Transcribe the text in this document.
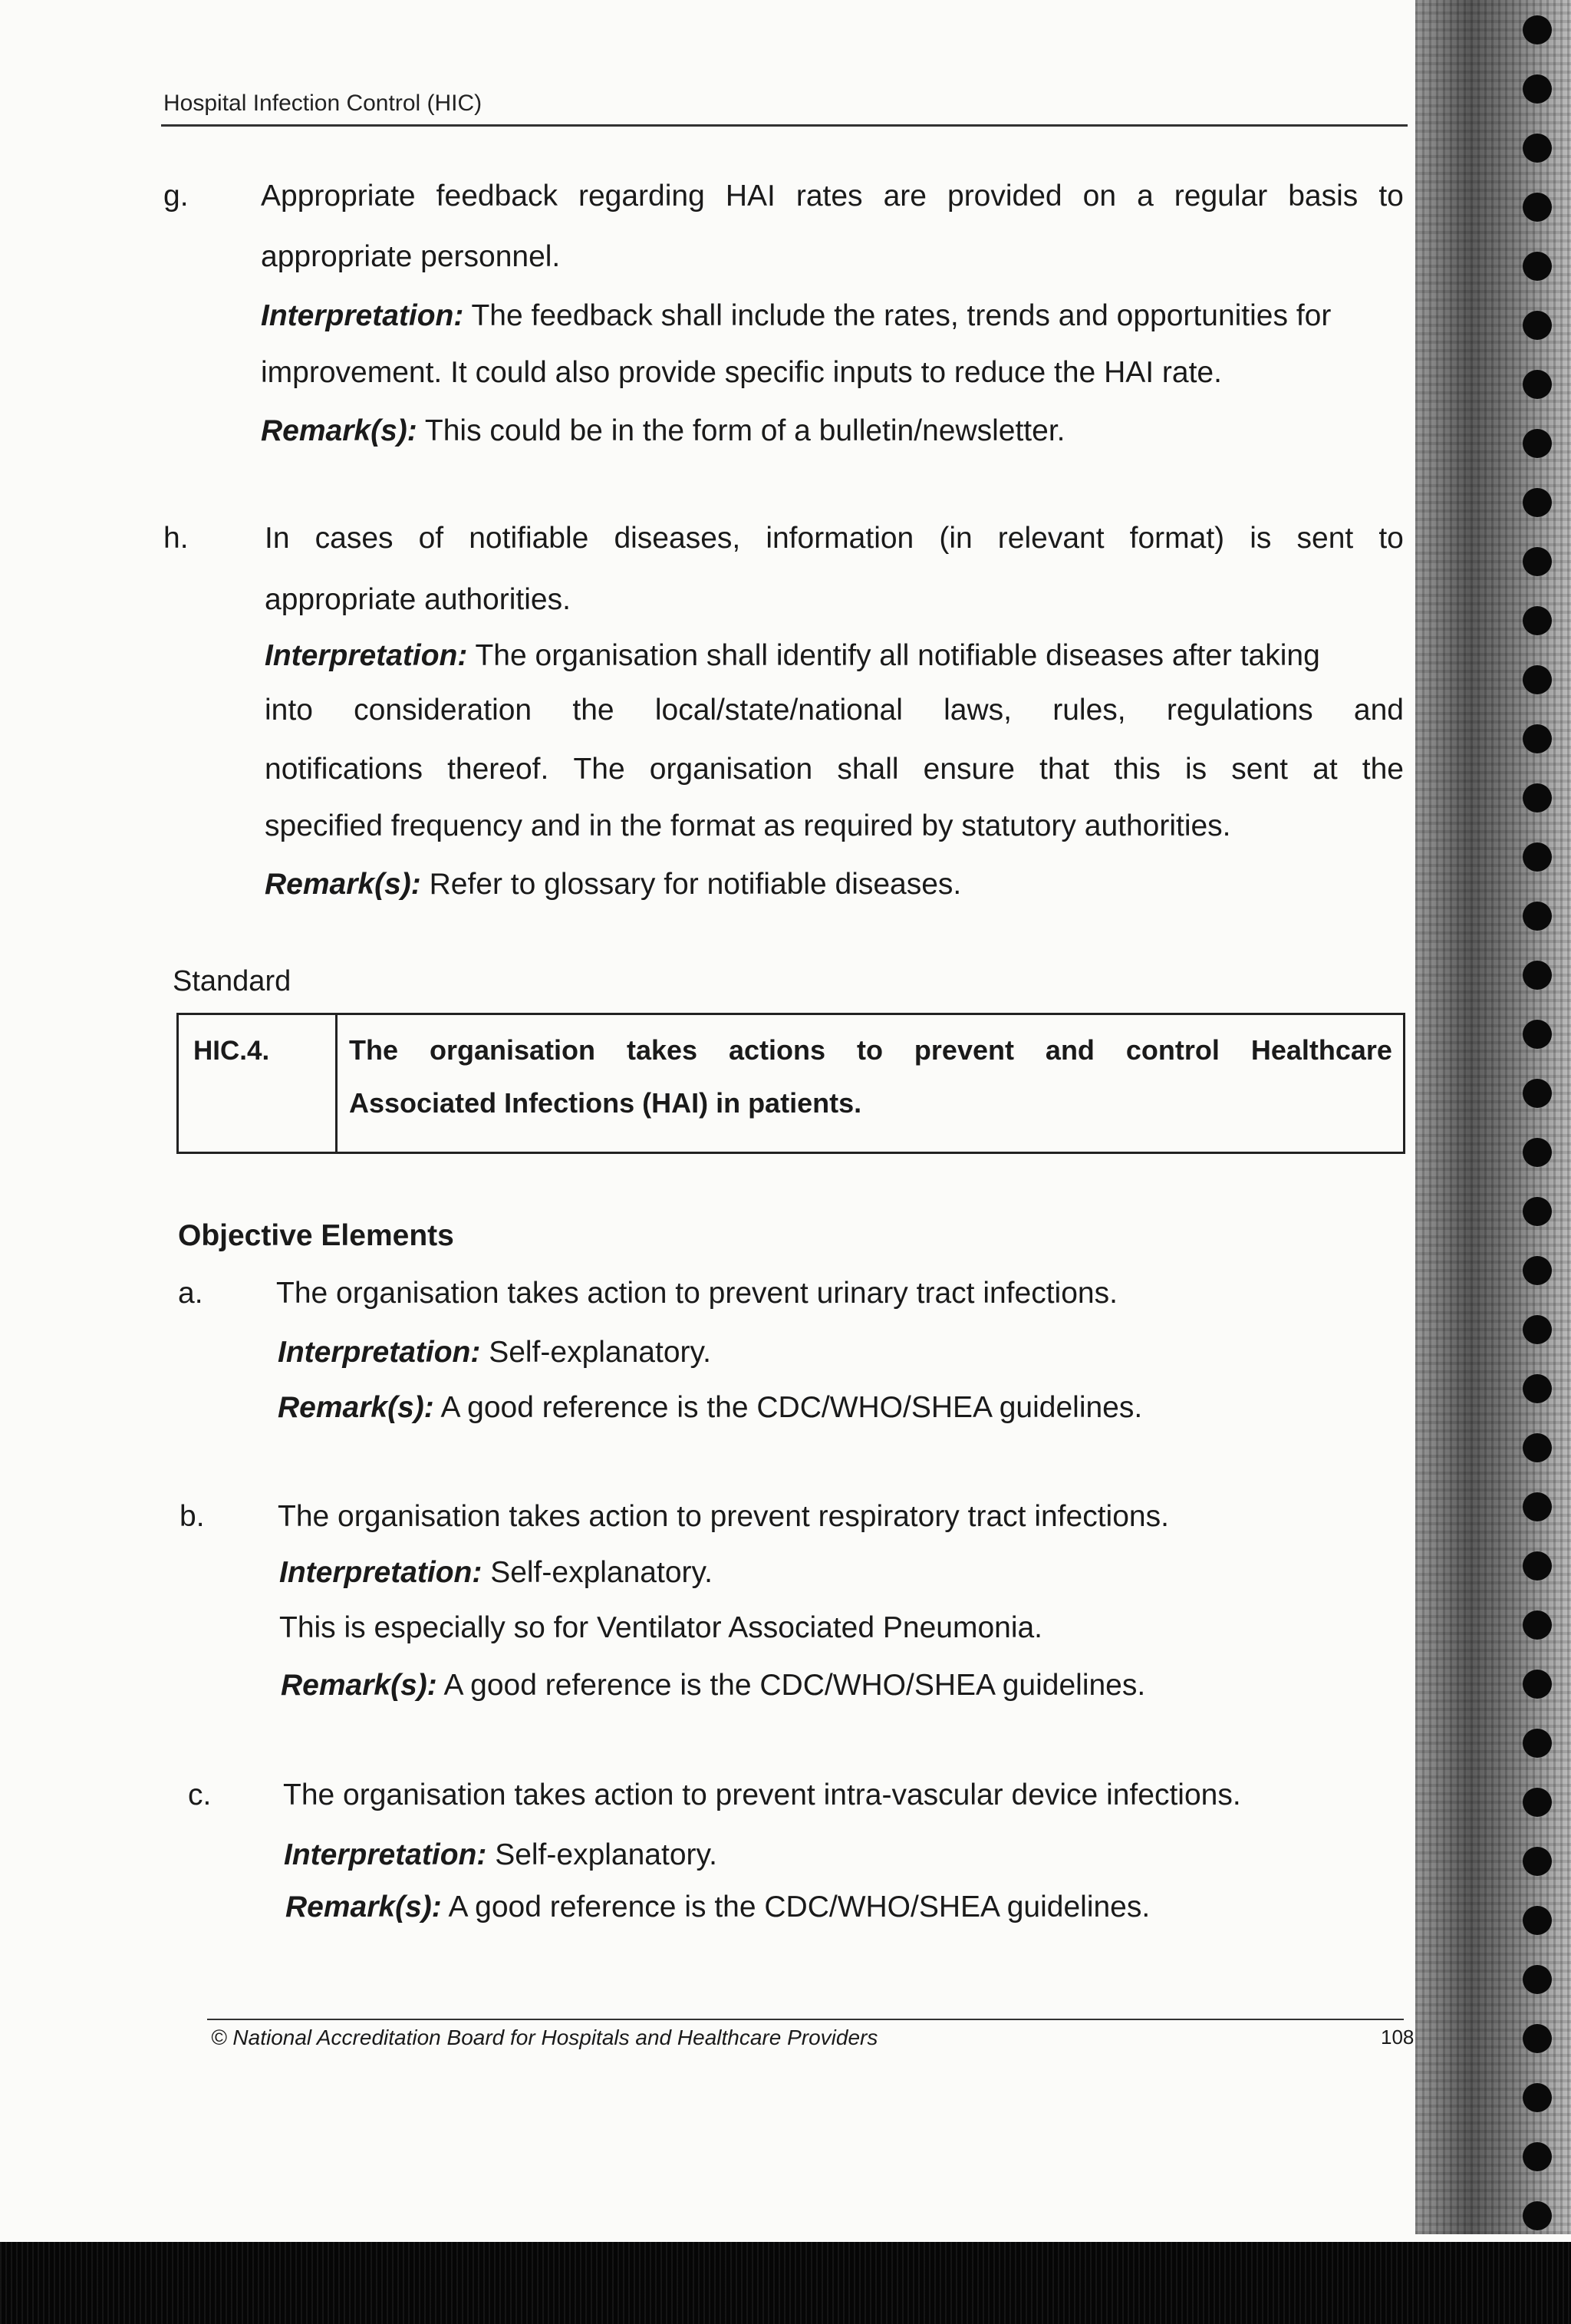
Hospital Infection Control (HIC)
g. Appropriate feedback regarding HAI rates are provided on a regular basis to
appropriate personnel.
Interpretation: The feedback shall include the rates, trends and opportunities for
improvement. It could also provide specific inputs to reduce the HAI rate.
Remark(s): This could be in the form of a bulletin/newsletter.
h.	In cases of notifiable diseases, information (in relevant format) is sent to
appropriate authorities.
Interpretation: The organisation shall identify all notifiable diseases after taking
into consideration the local/state/national laws, rules, regulations and
notifications thereof. The organisation shall ensure that this is sent at the
specified frequency and in the format as required by statutory authorities.
Remark(s): Refer to glossary for notifiable diseases.
Standard
HIC.4.	The organisation takes actions to prevent and control Healthcare
Associated Infections (HAI) in patients.
Objective Elements
a. The organisation takes action to prevent urinary tract infections.
Interpretation: Self-explanatory.
Remark(s): A good reference is the CDC/WHO/SHEA guidelines.
b. The organisation takes action to prevent respiratory tract infections.
Interpretation: Self-explanatory.
This is especially so for Ventilator Associated Pneumonia.
Remark(s): A good reference is the CDC/WHO/SHEA guidelines.
c. The organisation takes action to prevent intra-vascular device infections.
Interpretation: Self-explanatory.
Remark(s): A good reference is the CDC/WHO/SHEA guidelines.
© National Accreditation Board for Hospitals and Healthcare Providers	108
